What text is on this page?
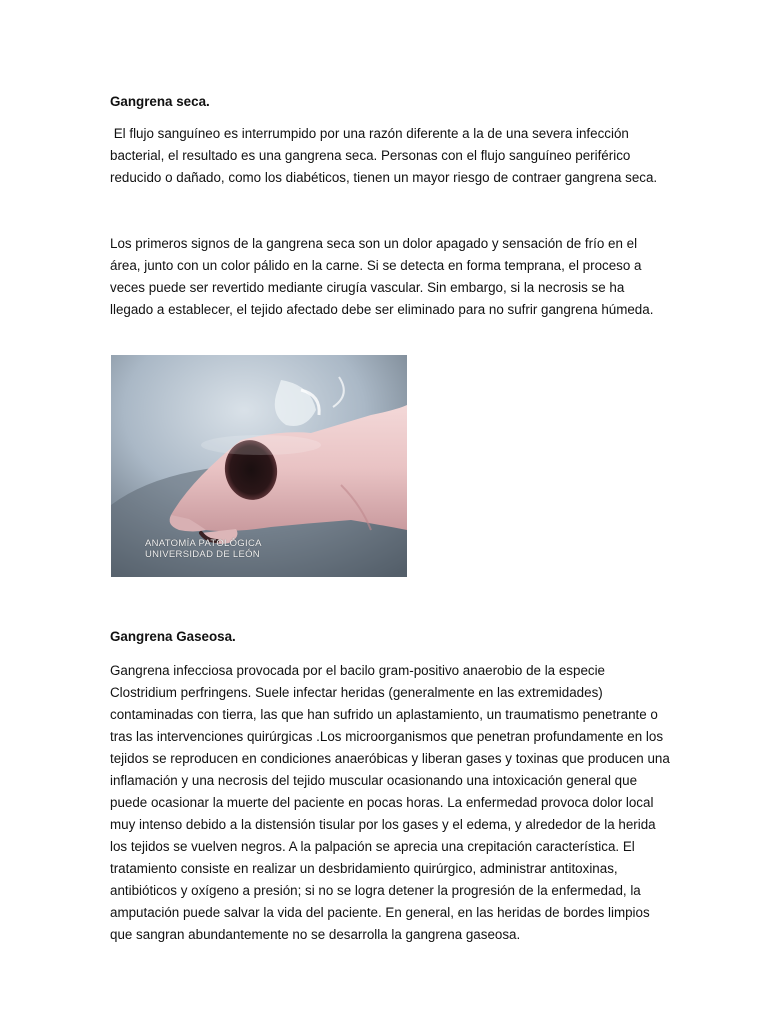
Gangrena seca.
El flujo sanguíneo es interrumpido por una razón diferente a la de una severa infección bacterial, el resultado es una gangrena seca. Personas con el flujo sanguíneo periférico reducido o dañado, como los diabéticos, tienen un mayor riesgo de contraer gangrena seca.
Los primeros signos de la gangrena seca son un dolor apagado y sensación de frío en el área, junto con un color pálido en la carne. Si se detecta en forma temprana, el proceso a veces puede ser revertido mediante cirugía vascular. Sin embargo, si la necrosis se ha llegado a establecer, el tejido afectado debe ser eliminado para no sufrir gangrena húmeda.
ANATOMÍA PATOLÓGICA
UNIVERSIDAD DE LEÓN
Gangrena Gaseosa.
Gangrena infecciosa provocada por el bacilo gram-positivo anaerobio de la especie Clostridium perfringens. Suele infectar heridas (generalmente en las extremidades) contaminadas con tierra, las que han sufrido un aplastamiento, un traumatismo penetrante o tras las intervenciones quirúrgicas .Los microorganismos que penetran profundamente en los tejidos se reproducen en condiciones anaeróbicas y liberan gases y toxinas que producen una inflamación y una necrosis del tejido muscular ocasionando una intoxicación general que puede ocasionar la muerte del paciente en pocas horas. La enfermedad provoca dolor local muy intenso debido a la distensión tisular por los gases y el edema, y alrededor de la herida los tejidos se vuelven negros. A la palpación se aprecia una crepitación característica. El tratamiento consiste en realizar un desbridamiento quirúrgico, administrar antitoxinas, antibióticos y oxígeno a presión; si no se logra detener la progresión de la enfermedad, la amputación puede salvar la vida del paciente. En general, en las heridas de bordes limpios que sangran abundantemente no se desarrolla la gangrena gaseosa.
